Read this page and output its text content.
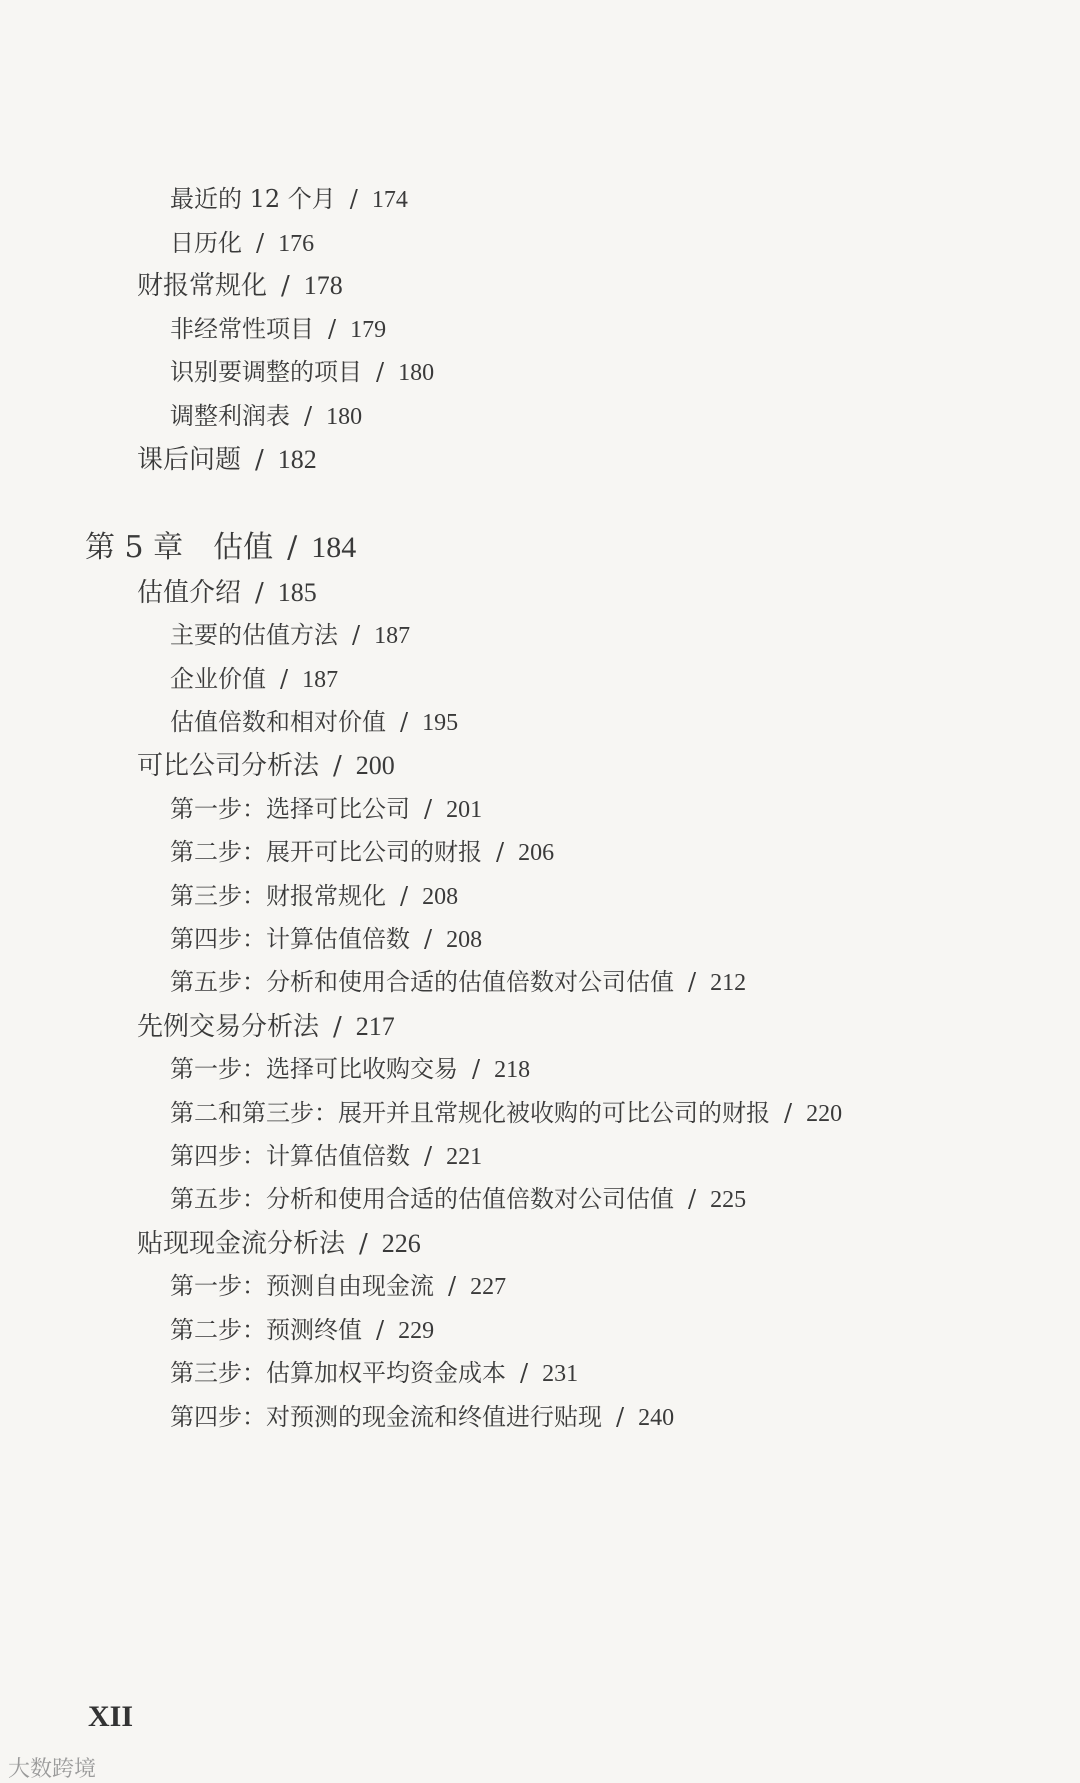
最近的 12 个月 / 174
日历化 / 176
财报常规化 / 178
非经常性项目 / 179
识别要调整的项目 / 180
调整利润表 / 180
课后问题 / 182
第 5 章　估值 / 184
估值介绍 / 185
主要的估值方法 / 187
企业价值 / 187
估值倍数和相对价值 / 195
可比公司分析法 / 200
第一步：选择可比公司 / 201
第二步：展开可比公司的财报 / 206
第三步：财报常规化 / 208
第四步：计算估值倍数 / 208
第五步：分析和使用合适的估值倍数对公司估值 / 212
先例交易分析法 / 217
第一步：选择可比收购交易 / 218
第二和第三步：展开并且常规化被收购的可比公司的财报 / 220
第四步：计算估值倍数 / 221
第五步：分析和使用合适的估值倍数对公司估值 / 225
贴现现金流分析法 / 226
第一步：预测自由现金流 / 227
第二步：预测终值 / 229
第三步：估算加权平均资金成本 / 231
第四步：对预测的现金流和终值进行贴现 / 240
XII
大数跨境
